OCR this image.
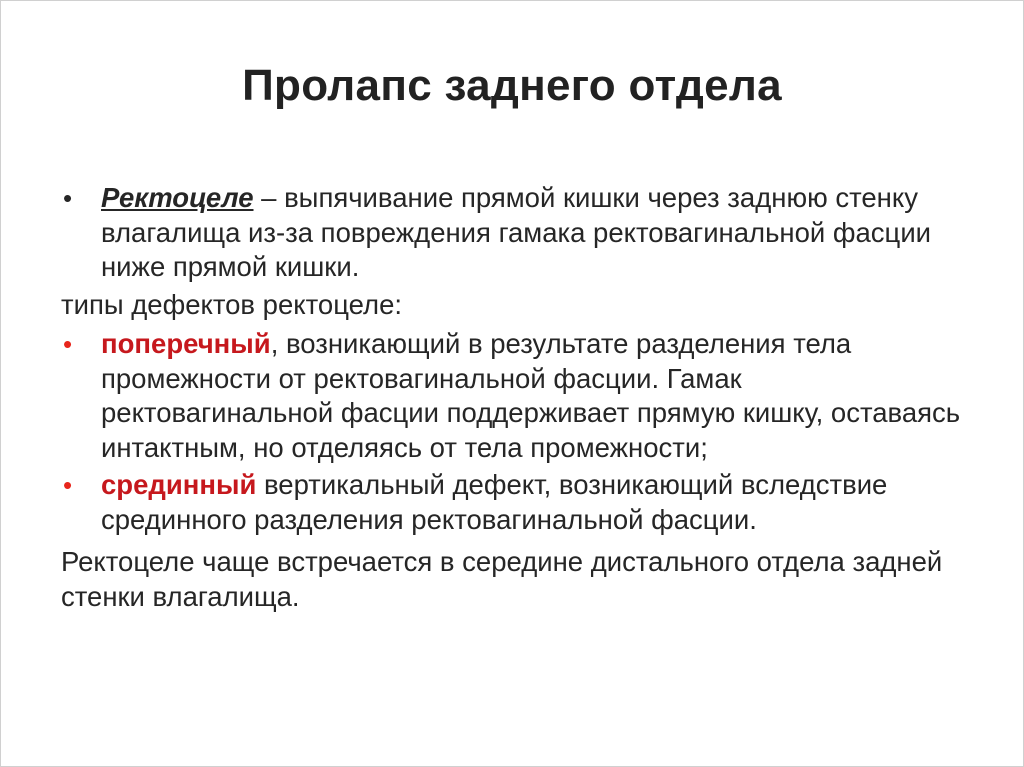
Пролапс заднего отдела
• Ректоцеле – выпячивание прямой кишки через заднюю стенку влагалища из-за повреждения гамака ректовагинальной фасции ниже прямой кишки.
типы дефектов ректоцеле:
• поперечный, возникающий в результате разделения тела промежности от ректовагинальной фасции. Гамак ректовагинальной фасции поддерживает прямую кишку, оставаясь интактным, но отделяясь от тела промежности;
• срединный вертикальный дефект, возникающий вследствие срединного разделения ректовагинальной фасции.
Ректоцеле чаще встречается в середине дистального отдела задней стенки влагалища.
